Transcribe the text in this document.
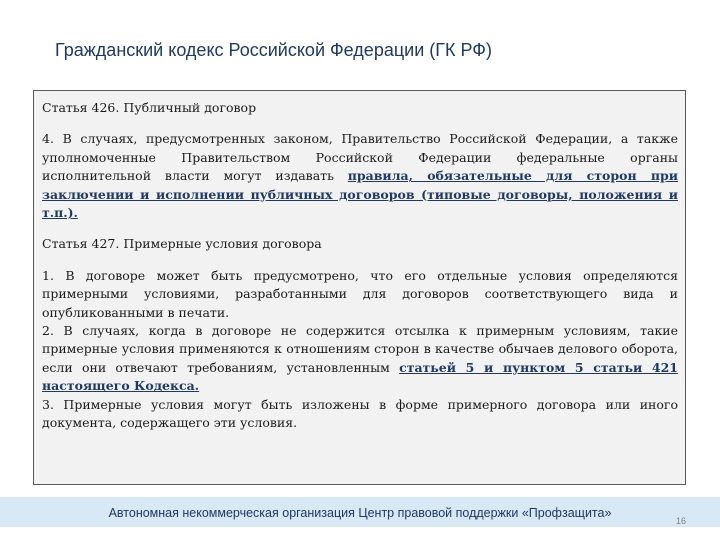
Гражданский кодекс Российской Федерации (ГК РФ)

Статья 426. Публичный договор

4. В случаях, предусмотренных законом, Правительство Российской Федерации, а также уполномоченные Правительством Российской Федерации федеральные органы исполнительной власти могут издавать правила, обязательные для сторон при заключении и исполнении публичных договоров (типовые договоры, положения и т.п.).

Статья 427. Примерные условия договора

1. В договоре может быть предусмотрено, что его отдельные условия определяются примерными условиями, разработанными для договоров соответствующего вида и опубликованными в печати.

2. В случаях, когда в договоре не содержится отсылка к примерным условиям, такие примерные условия применяются к отношениям сторон в качестве обычаев делового оборота, если они отвечают требованиям, установленным статьей 5 и пунктом 5 статьи 421 настоящего Кодекса.

3. Примерные условия могут быть изложены в форме примерного договора или иного документа, содержащего эти условия.

Автономная некоммерческая организация Центр правовой поддержки «Профзащита»
16
